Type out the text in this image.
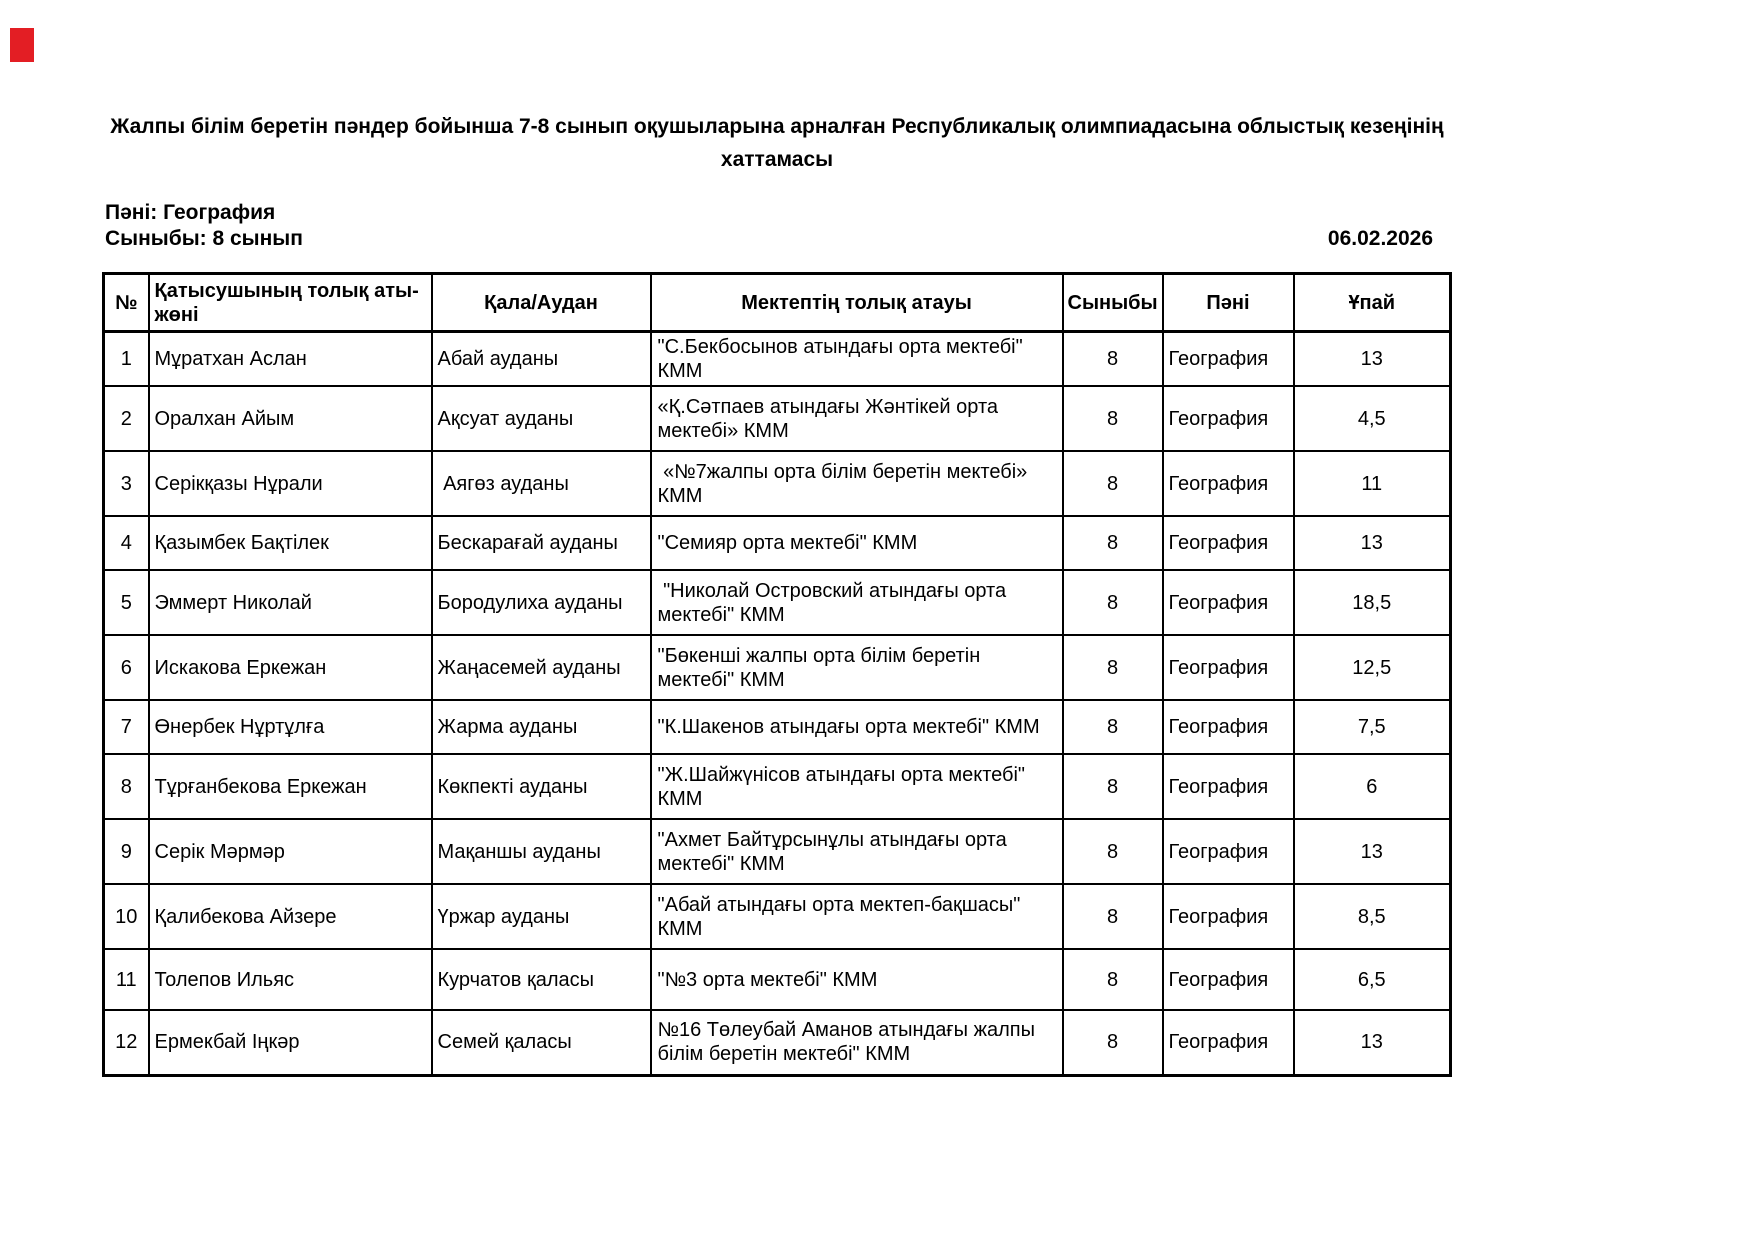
Жалпы білім беретін пәндер бойынша 7-8 сынып оқушыларына арналған Республикалық олимпиадасына облыстық кезеңінің хаттамасы
Пәні: География
Сыныбы: 8 сынып	06.02.2026
№	Қатысушының толық аты-жөні	Қала/Аудан	Мектептің толық атауы	Сыныбы	Пәні	Ұпай
1	Мұратхан Аслан	Абай ауданы	"С.Бекбосынов атындағы орта мектебі" КММ	8	География	13
2	Оралхан Айым	Ақсуат ауданы	«Қ.Сәтпаев атындағы Жәнтікей орта мектебі» КММ	8	География	4,5
3	Серікқазы Нұрали	Аягөз ауданы	«№7жалпы орта білім беретін мектебі» КММ	8	География	11
4	Қазымбек Бақтілек	Бескарағай ауданы	"Семияр орта мектебі" КММ	8	География	13
5	Эммерт Николай	Бородулиха ауданы	"Николай Островский атындағы орта мектебі" КММ	8	География	18,5
6	Искакова Еркежан	Жаңасемей ауданы	"Бөкенші жалпы орта білім беретін мектебі" КММ	8	География	12,5
7	Өнербек Нұртұлға	Жарма ауданы	"К.Шакенов атындағы орта мектебі" КММ	8	География	7,5
8	Тұрғанбекова Еркежан	Көкпекті ауданы	"Ж.Шайжүнісов атындағы орта мектебі" КММ	8	География	6
9	Серік Мәрмәр	Мақаншы ауданы	"Ахмет Байтұрсынұлы атындағы орта мектебі" КММ	8	География	13
10	Қалибекова Айзере	Үржар ауданы	"Абай атындағы орта мектеп-бақшасы" КММ	8	География	8,5
11	Толепов Ильяс	Курчатов қаласы	"№3 орта мектебі" КММ	8	География	6,5
12	Ермекбай Іңкәр	Семей қаласы	№16 Төлеубай Аманов атындағы жалпы білім беретін мектебі" КММ	8	География	13
